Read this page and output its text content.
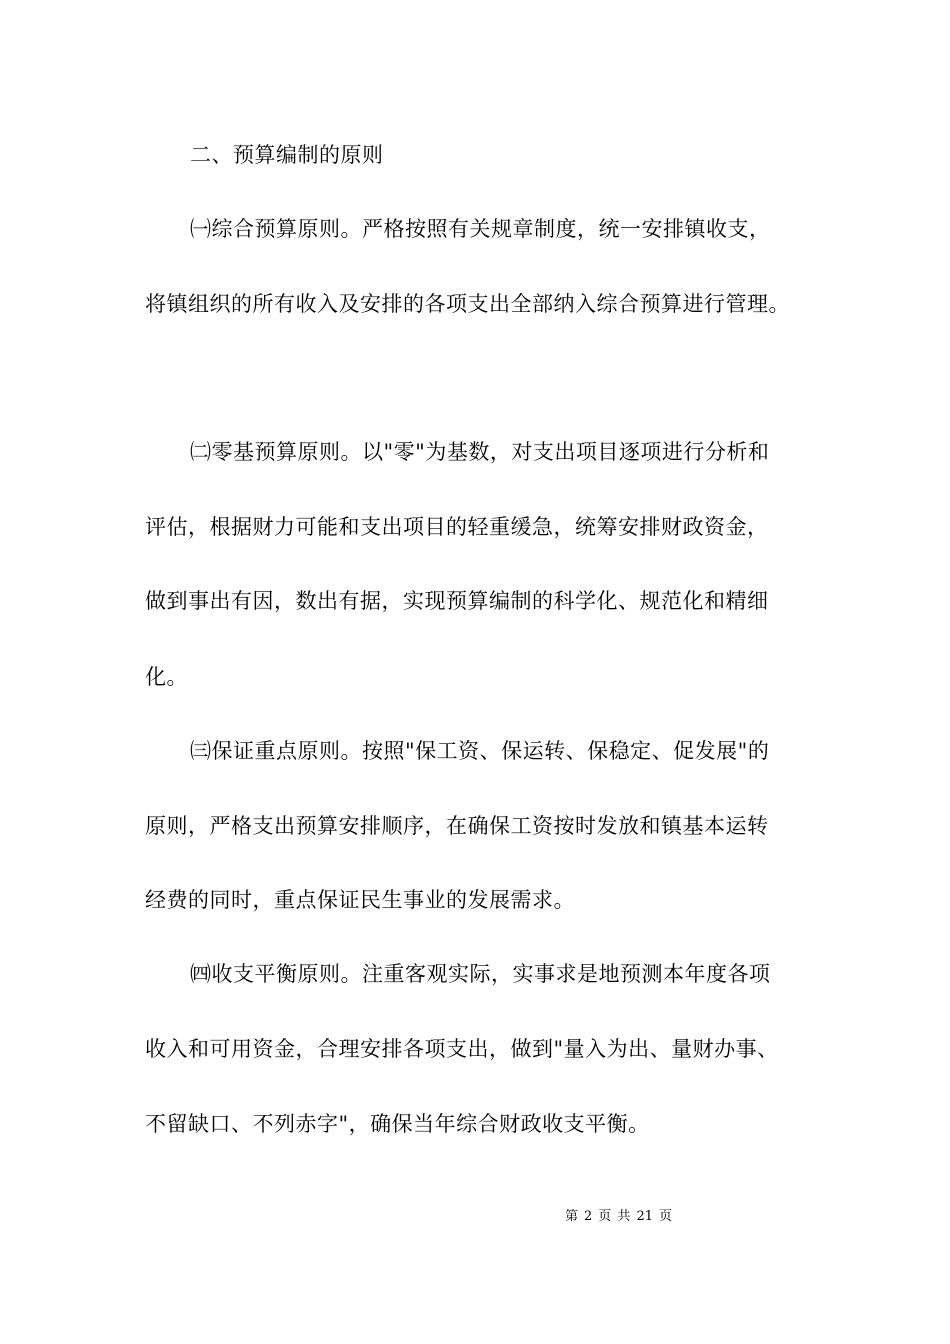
二、预算编制的原则
㈠综合预算原则。严格按照有关规章制度，统一安排镇收支，
将镇组织的所有收入及安排的各项支出全部纳入综合预算进行管理。
㈡零基预算原则。以"零"为基数，对支出项目逐项进行分析和
评估，根据财力可能和支出项目的轻重缓急，统筹安排财政资金，
做到事出有因，数出有据，实现预算编制的科学化、规范化和精细
化。
㈢保证重点原则。按照"保工资、保运转、保稳定、促发展"的
原则，严格支出预算安排顺序，在确保工资按时发放和镇基本运转
经费的同时，重点保证民生事业的发展需求。
㈣收支平衡原则。注重客观实际，实事求是地预测本年度各项
收入和可用资金，合理安排各项支出，做到"量入为出、量财办事、
不留缺口、不列赤字"，确保当年综合财政收支平衡。
第 2 页 共 21 页
